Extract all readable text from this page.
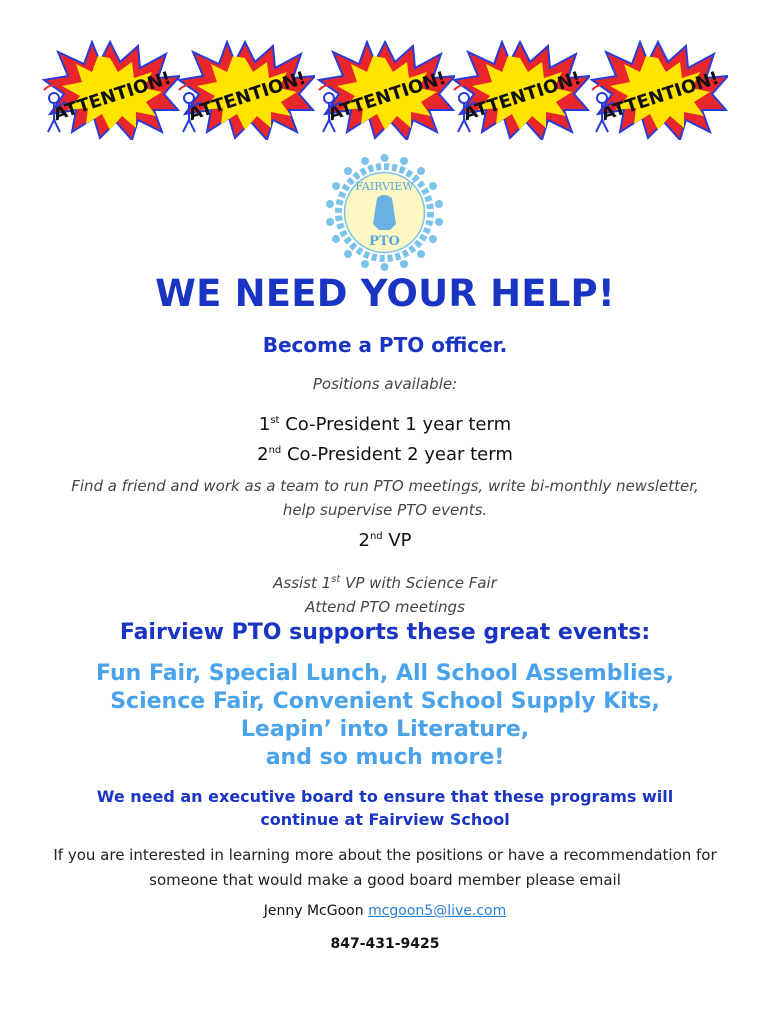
ATTENTION! ATTENTION! ATTENTION! ATTENTION! ATTENTION!
FAIRVIEW
PTO
WE NEED YOUR HELP!
Become a PTO officer.
Positions available:
1st Co-President 1 year term
2nd Co-President 2 year term
Find a friend and work as a team to run PTO meetings, write bi-monthly newsletter,
help supervise PTO events.
2nd VP
Assist 1st VP with Science Fair
Attend PTO meetings
Fairview PTO supports these great events:
Fun Fair, Special Lunch, All School Assemblies,
Science Fair, Convenient School Supply Kits,
Leapin’ into Literature,
and so much more!
We need an executive board to ensure that these programs will
continue at Fairview School
If you are interested in learning more about the positions or have a recommendation for
someone that would make a good board member please email
Jenny McGoon mcgoon5@live.com
847-431-9425
